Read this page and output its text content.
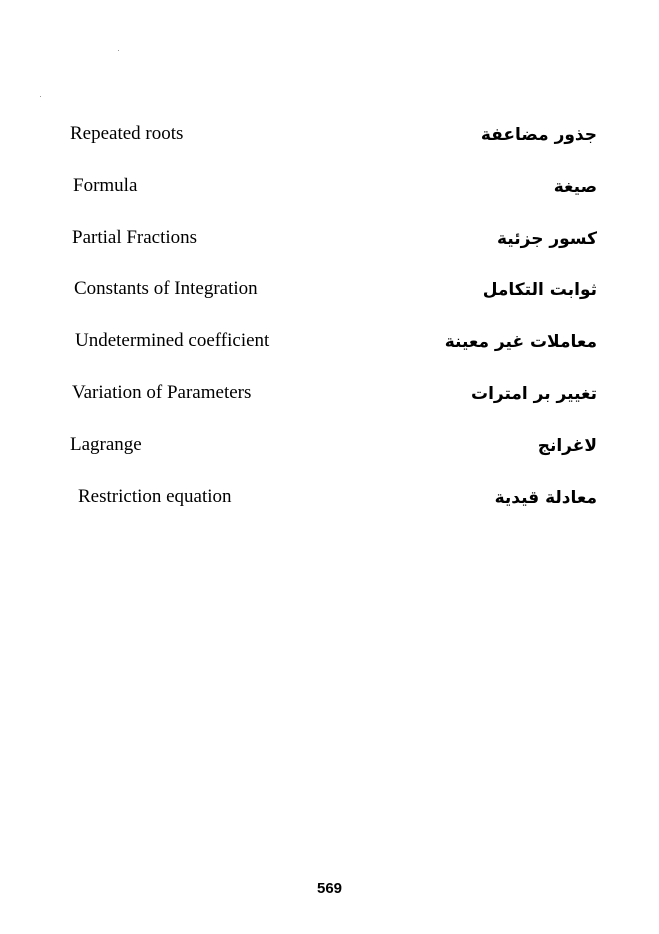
Repeated roots	جذور مضاعفة
Formula	صيغة
Partial Fractions	كسور جزئية
Constants of Integration	ثوابت التكامل
Undetermined coefficient	معاملات غير معينة
Variation of Parameters	تغيير بر امترات
Lagrange	لاغرانج
Restriction equation	معادلة قيدية
569
